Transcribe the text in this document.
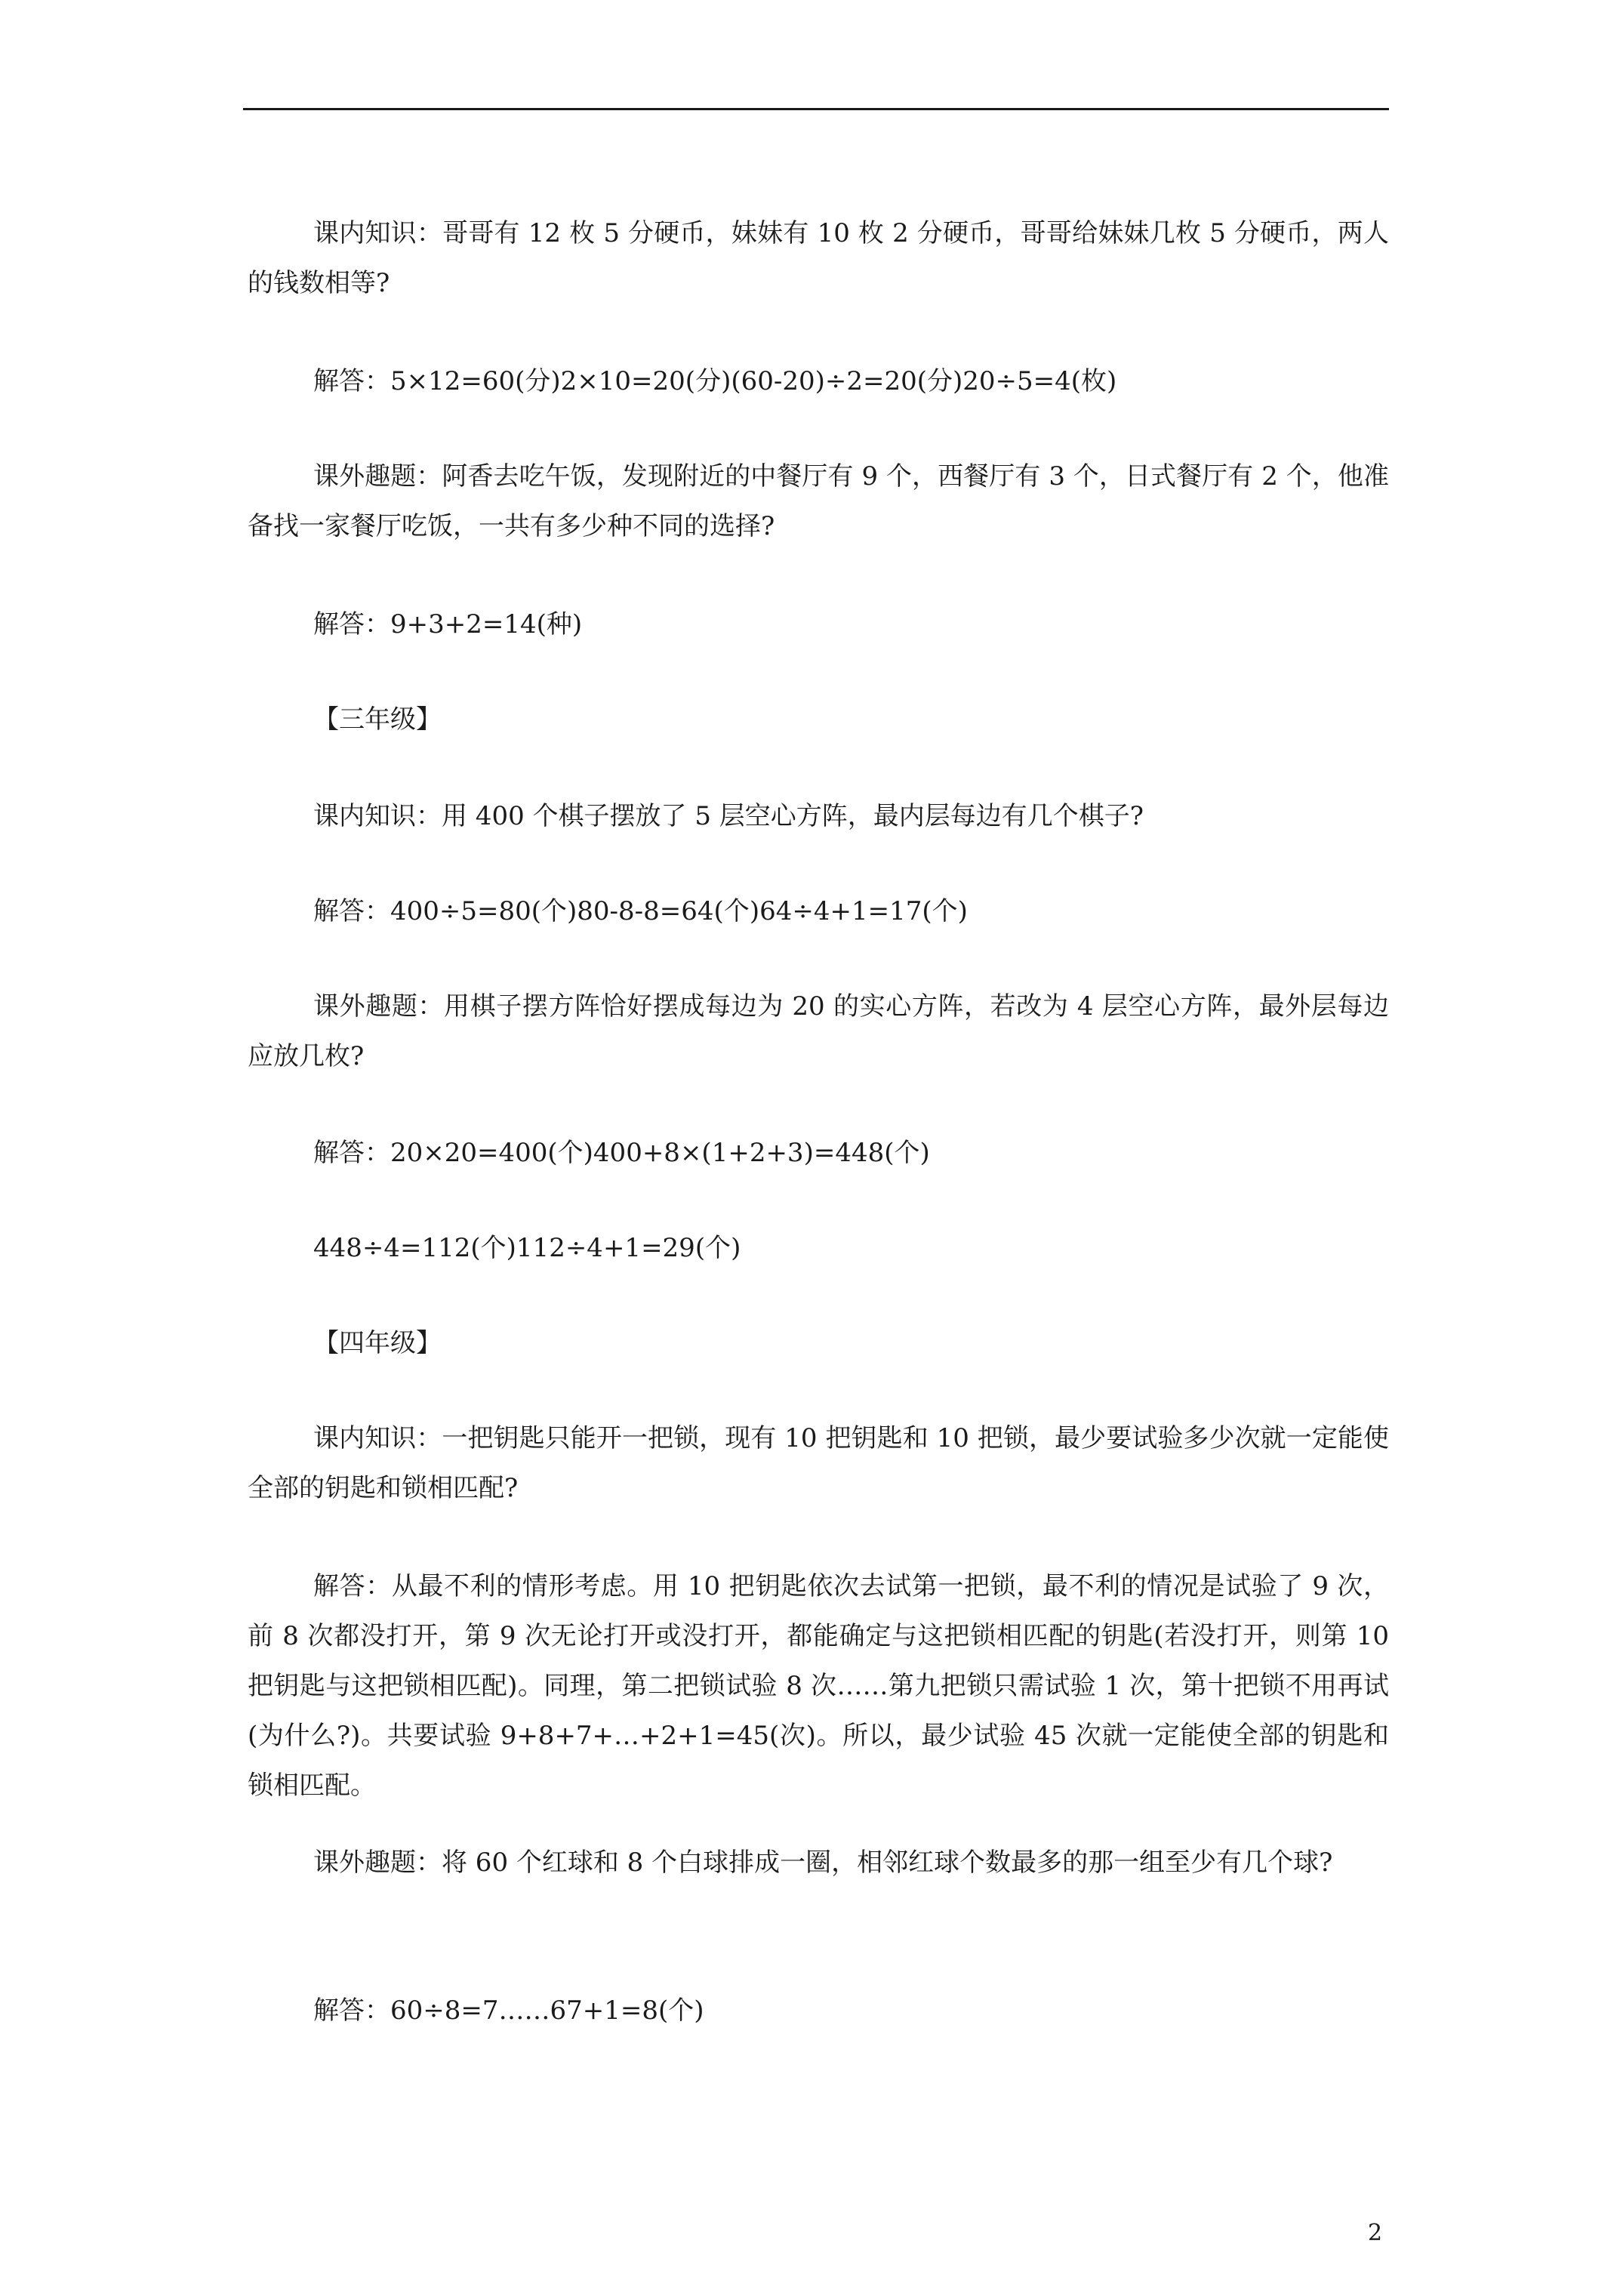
课内知识：哥哥有 12 枚 5 分硬币，妹妹有 10 枚 2 分硬币，哥哥给妹妹几枚 5 分硬币，两人的钱数相等?
解答：5×12=60(分)2×10=20(分)(60-20)÷2=20(分)20÷5=4(枚)
课外趣题：阿香去吃午饭，发现附近的中餐厅有 9 个，西餐厅有 3 个，日式餐厅有 2 个，他准备找一家餐厅吃饭，一共有多少种不同的选择?
解答：9+3+2=14(种)
【三年级】
课内知识：用 400 个棋子摆放了 5 层空心方阵，最内层每边有几个棋子?
解答：400÷5=80(个)80-8-8=64(个)64÷4+1=17(个)
课外趣题：用棋子摆方阵恰好摆成每边为 20 的实心方阵，若改为 4 层空心方阵，最外层每边应放几枚?
解答：20×20=400(个)400+8×(1+2+3)=448(个)
448÷4=112(个)112÷4+1=29(个)
【四年级】
课内知识：一把钥匙只能开一把锁，现有 10 把钥匙和 10 把锁，最少要试验多少次就一定能使全部的钥匙和锁相匹配?
解答：从最不利的情形考虑。用 10 把钥匙依次去试第一把锁，最不利的情况是试验了 9 次，前 8 次都没打开，第 9 次无论打开或没打开，都能确定与这把锁相匹配的钥匙(若没打开，则第 10 把钥匙与这把锁相匹配)。同理，第二把锁试验 8 次……第九把锁只需试验 1 次，第十把锁不用再试(为什么?)。共要试验 9+8+7+…+2+1=45(次)。所以，最少试验 45 次就一定能使全部的钥匙和锁相匹配。
课外趣题：将 60 个红球和 8 个白球排成一圈，相邻红球个数最多的那一组至少有几个球?
解答：60÷8=7……67+1=8(个)
2
